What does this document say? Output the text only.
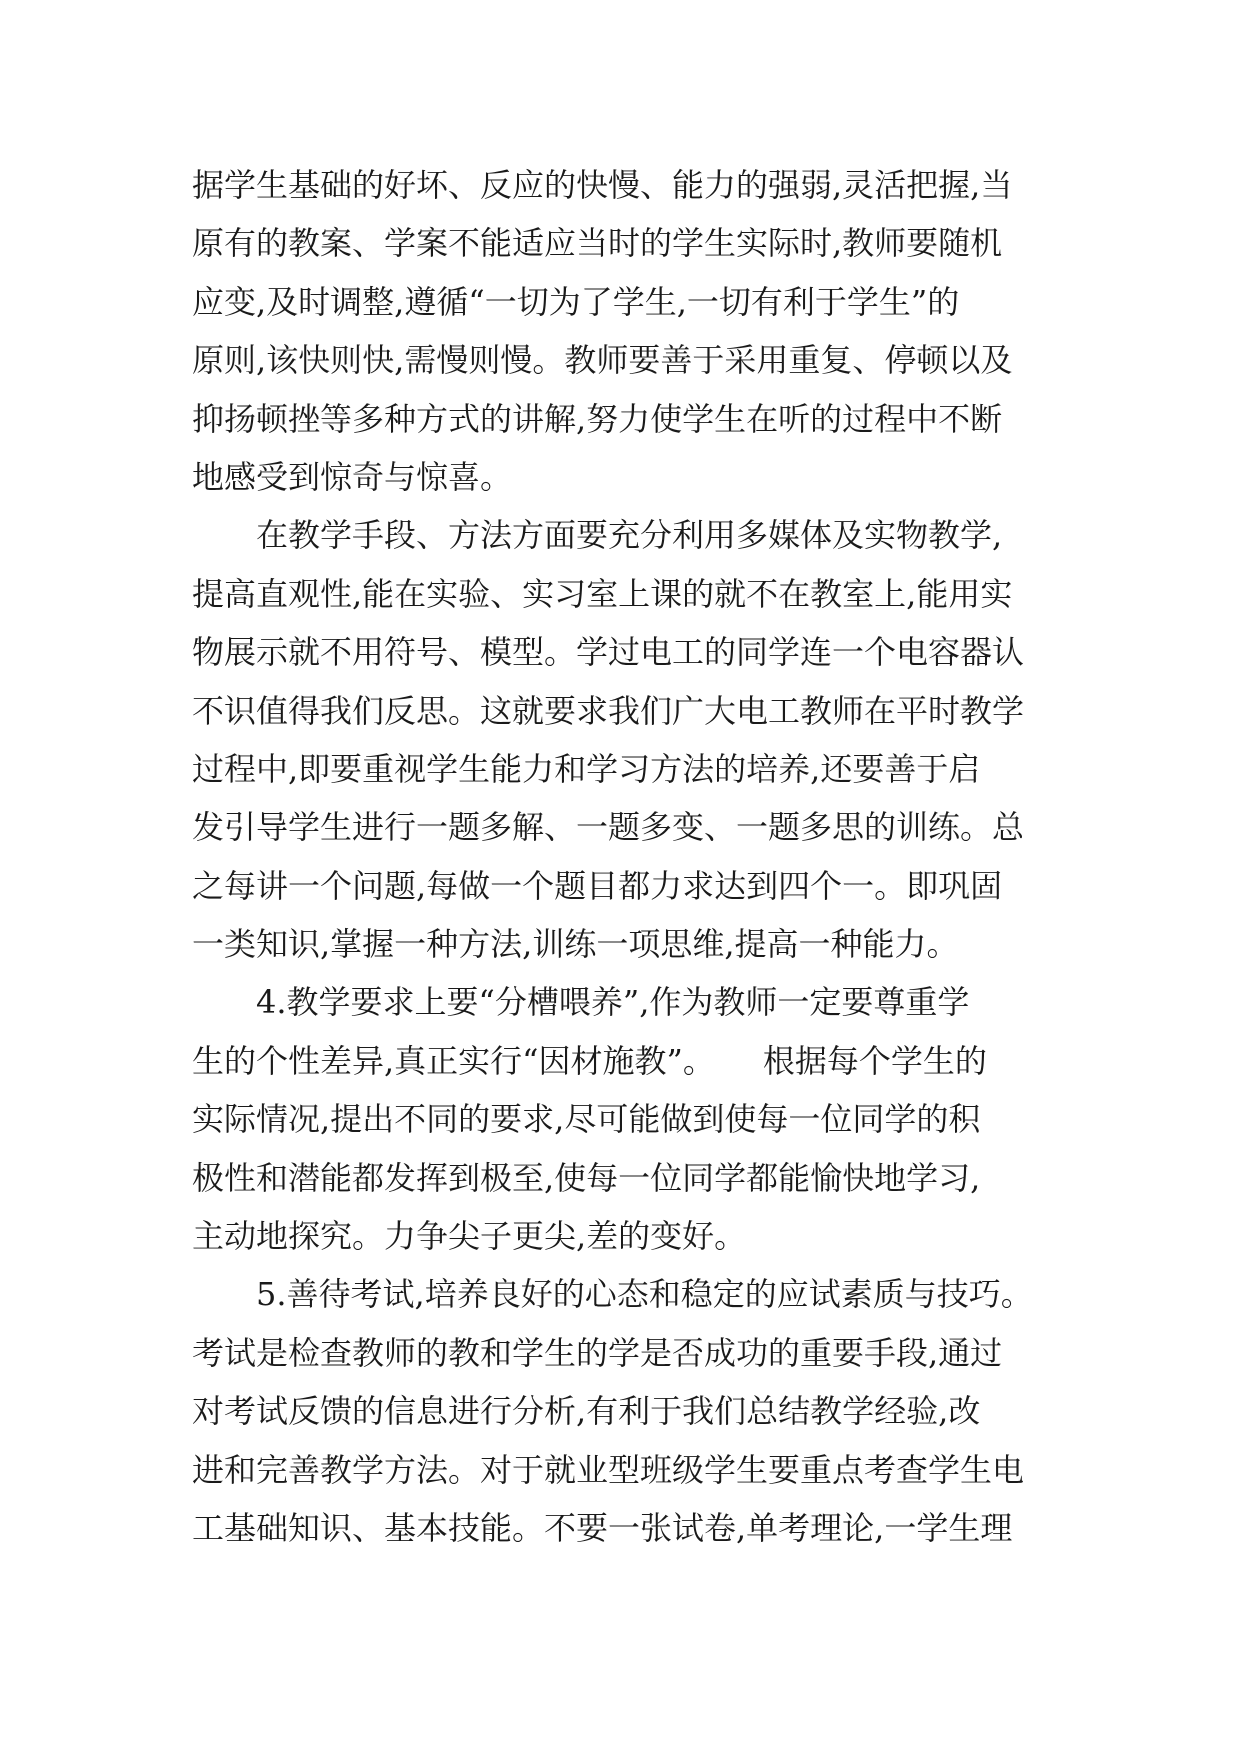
据学生基础的好坏、反应的快慢、能力的强弱,灵活把握,当
原有的教案、学案不能适应当时的学生实际时,教师要随机
应变,及时调整,遵循“一切为了学生,一切有利于学生”的
原则,该快则快,需慢则慢。教师要善于采用重复、停顿以及
抑扬顿挫等多种方式的讲解,努力使学生在听的过程中不断
地感受到惊奇与惊喜。
　　在教学手段、方法方面要充分利用多媒体及实物教学,
提高直观性,能在实验、实习室上课的就不在教室上,能用实
物展示就不用符号、模型。学过电工的同学连一个电容器认
不识值得我们反思。这就要求我们广大电工教师在平时教学
过程中,即要重视学生能力和学习方法的培养,还要善于启
发引导学生进行一题多解、一题多变、一题多思的训练。总
之每讲一个问题,每做一个题目都力求达到四个一。即巩固
一类知识,掌握一种方法,训练一项思维,提高一种能力。
　　4.教学要求上要“分槽喂养”,作为教师一定要尊重学
生的个性差异,真正实行“因材施教”。　　根据每个学生的
实际情况,提出不同的要求,尽可能做到使每一位同学的积
极性和潜能都发挥到极至,使每一位同学都能愉快地学习,
主动地探究。力争尖子更尖,差的变好。
　　5.善待考试,培养良好的心态和稳定的应试素质与技巧。
考试是检查教师的教和学生的学是否成功的重要手段,通过
对考试反馈的信息进行分析,有利于我们总结教学经验,改
进和完善教学方法。对于就业型班级学生要重点考查学生电
工基础知识、基本技能。不要一张试卷,单考理论,一学生理
